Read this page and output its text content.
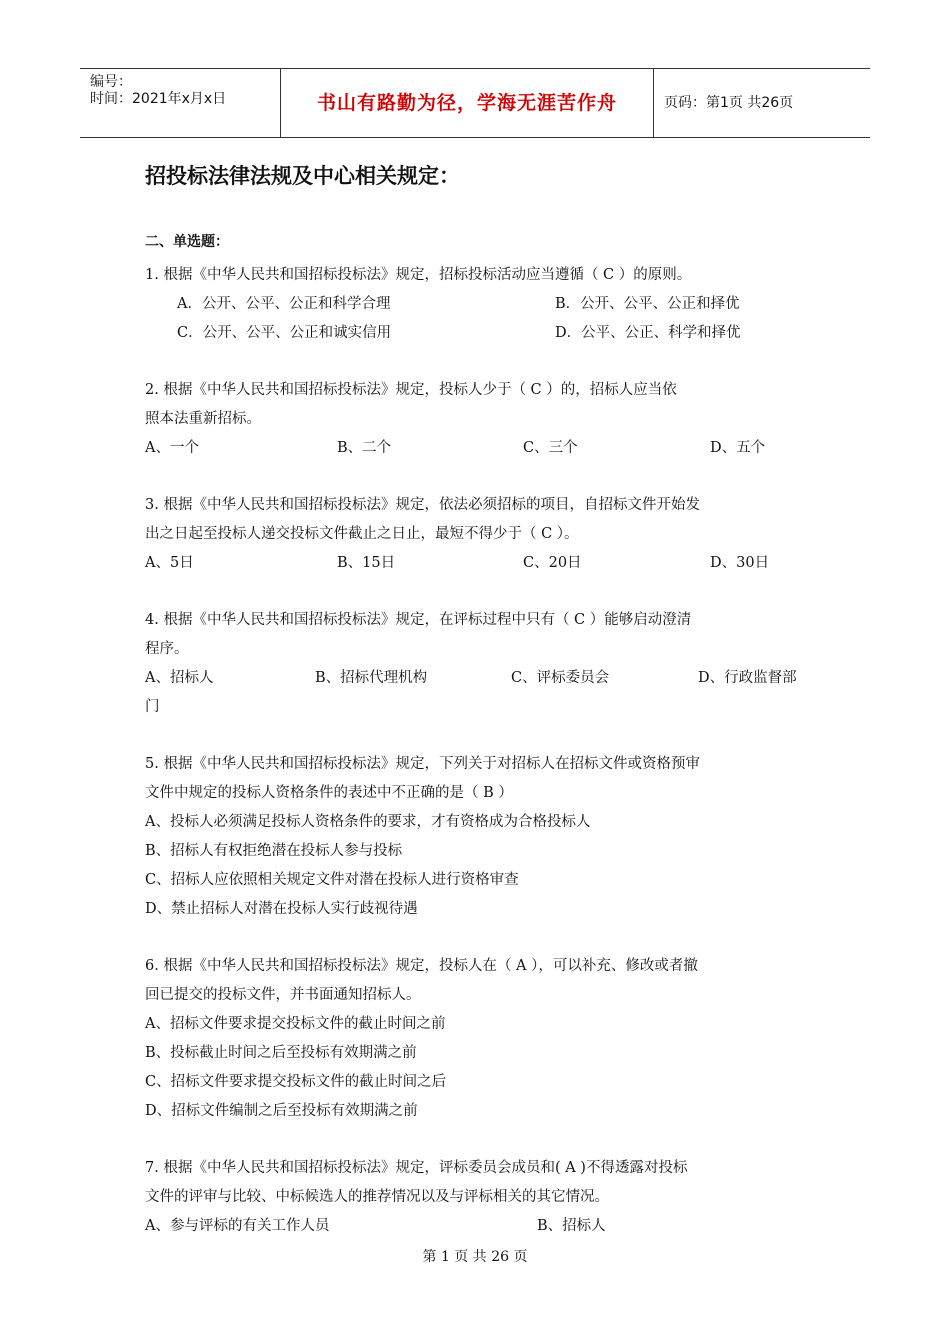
编号：
时间：2021年x月x日	书山有路勤为径，学海无涯苦作舟	页码：第1页 共26页
招投标法律法规及中心相关规定：
二、单选题：
1. 根据《中华人民共和国招标投标法》规定，招标投标活动应当遵循（ C ）的原则。
A．公开、公平、公正和科学合理	B．公开、公平、公正和择优
C．公开、公平、公正和诚实信用	D．公平、公正、科学和择优
2. 根据《中华人民共和国招标投标法》规定，投标人少于（ C ）的，招标人应当依
照本法重新招标。
A、一个	B、二个	C、三个	D、五个
3. 根据《中华人民共和国招标投标法》规定，依法必须招标的项目，自招标文件开始发
出之日起至投标人递交投标文件截止之日止，最短不得少于（ C ）。
A、5日	B、15日	C、20日	D、30日
4. 根据《中华人民共和国招标投标法》规定，在评标过程中只有（ C ）能够启动澄清
程序。
A、招标人	B、招标代理机构	C、评标委员会	D、行政监督部
门
5. 根据《中华人民共和国招标投标法》规定，下列关于对招标人在招标文件或资格预审
文件中规定的投标人资格条件的表述中不正确的是（ B ）
A、投标人必须满足投标人资格条件的要求，才有资格成为合格投标人
B、招标人有权拒绝潜在投标人参与投标
C、招标人应依照相关规定文件对潜在投标人进行资格审查
D、禁止招标人对潜在投标人实行歧视待遇
6. 根据《中华人民共和国招标投标法》规定，投标人在（ A ），可以补充、修改或者撤
回已提交的投标文件，并书面通知招标人。
A、招标文件要求提交投标文件的截止时间之前
B、投标截止时间之后至投标有效期满之前
C、招标文件要求提交投标文件的截止时间之后
D、招标文件编制之后至投标有效期满之前
7. 根据《中华人民共和国招标投标法》规定，评标委员会成员和( A )不得透露对投标
文件的评审与比较、中标候选人的推荐情况以及与评标相关的其它情况。
A、参与评标的有关工作人员	B、招标人
第 1 页 共 26 页
